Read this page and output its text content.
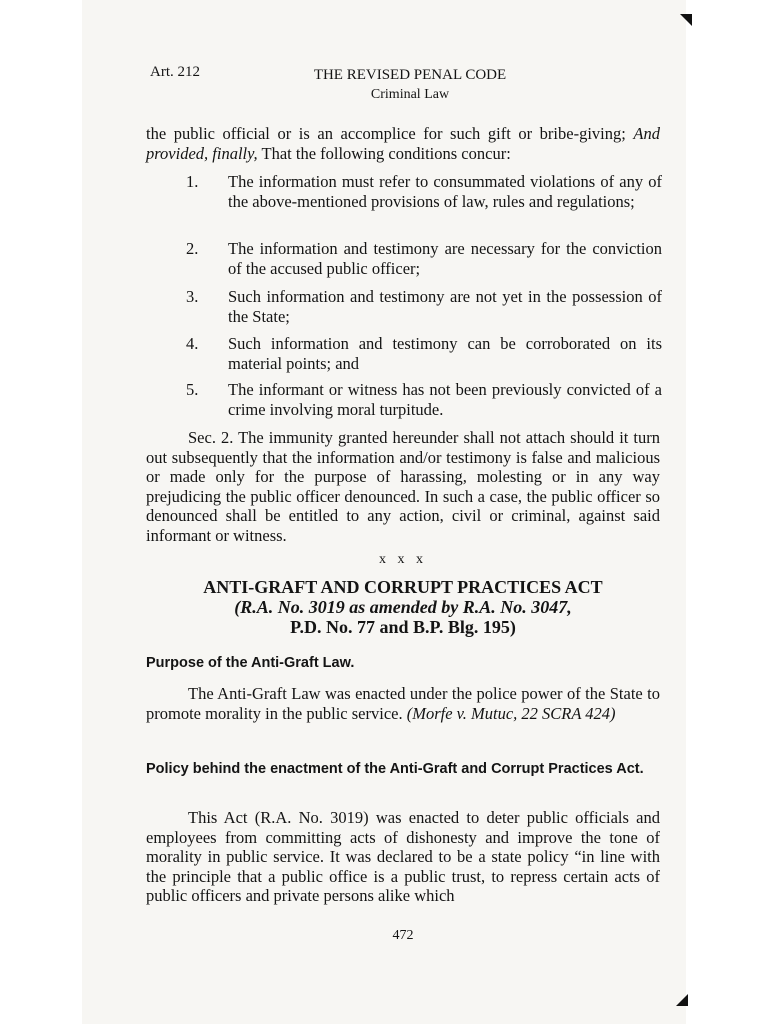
Art. 212	THE REVISED PENAL CODE
Criminal Law
the public official or is an accomplice for such gift or bribe-giving; And provided, finally, That the following conditions concur:
1. The information must refer to consummated violations of any of the above-mentioned provisions of law, rules and regulations;
2. The information and testimony are necessary for the conviction of the accused public officer;
3. Such information and testimony are not yet in the possession of the State;
4. Such information and testimony can be corroborated on its material points; and
5. The informant or witness has not been previously convicted of a crime involving moral turpitude.
Sec. 2. The immunity granted hereunder shall not attach should it turn out subsequently that the information and/or testimony is false and malicious or made only for the purpose of harassing, molesting or in any way prejudicing the public officer denounced. In such a case, the public officer so denounced shall be entitled to any action, civil or criminal, against said informant or witness.
x x x
ANTI-GRAFT AND CORRUPT PRACTICES ACT
(R.A. No. 3019 as amended by R.A. No. 3047,
P.D. No. 77 and B.P. Blg. 195)
Purpose of the Anti-Graft Law.
The Anti-Graft Law was enacted under the police power of the State to promote morality in the public service. (Morfe v. Mutuc, 22 SCRA 424)
Policy behind the enactment of the Anti-Graft and Corrupt Practices Act.
This Act (R.A. No. 3019) was enacted to deter public officials and employees from committing acts of dishonesty and improve the tone of morality in public service. It was declared to be a state policy “in line with the principle that a public office is a public trust, to repress certain acts of public officers and private persons alike which
472
